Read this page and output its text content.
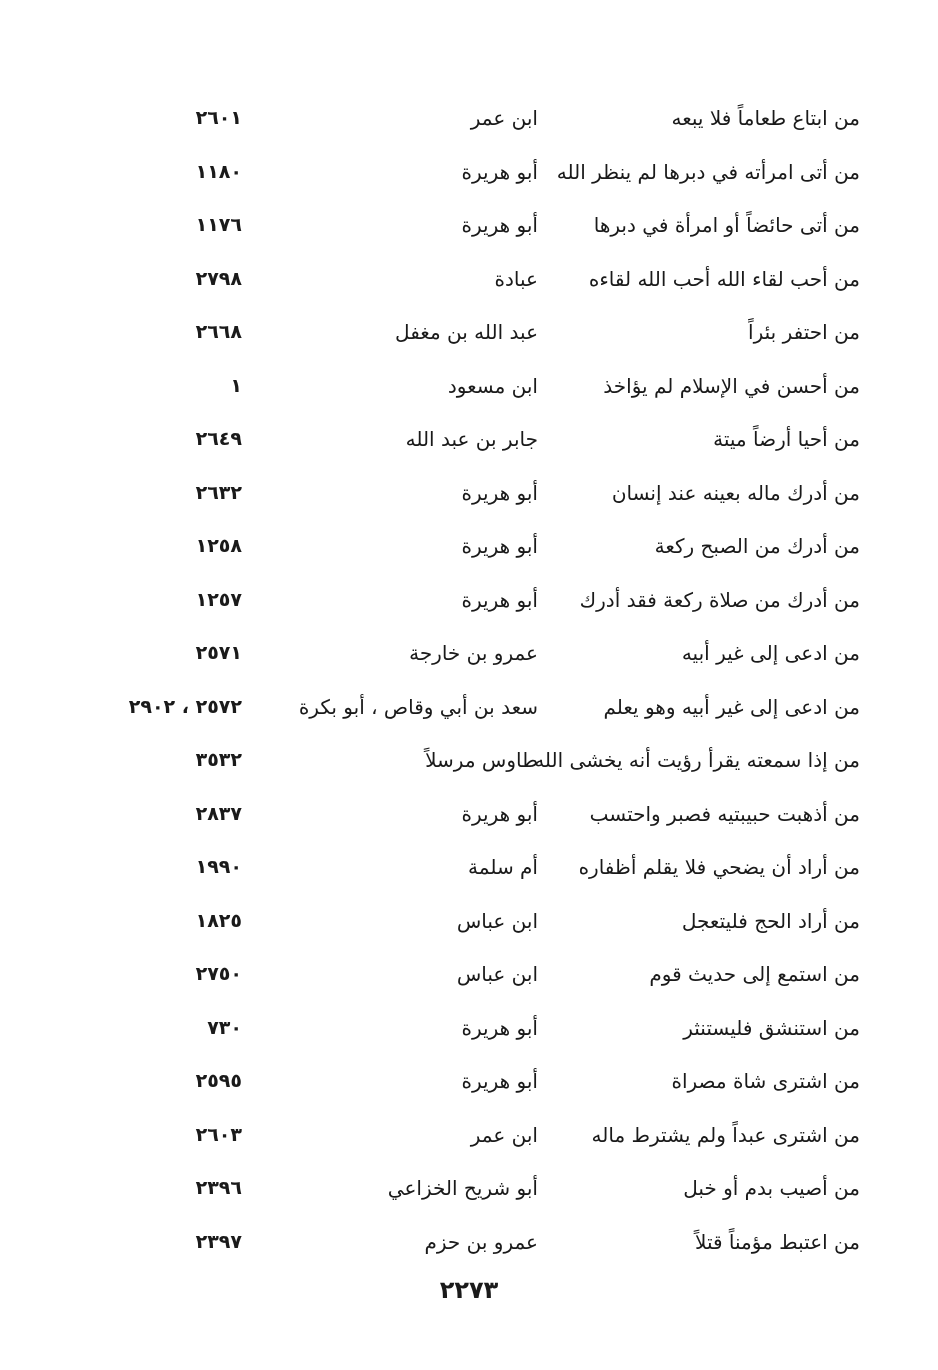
من ابتاع طعاماً فلا يبعه
ابن عمر
٢٦٠١
من أتى امرأته في دبرها لم ينظر الله
أبو هريرة
١١٨٠
من أتى حائضاً أو امرأة في دبرها
أبو هريرة
١١٧٦
من أحب لقاء الله أحب الله لقاءه
عبادة
٢٧٩٨
من احتفر بئراً
عبد الله بن مغفل
٢٦٦٨
من أحسن في الإسلام لم يؤاخذ
ابن مسعود
١
من أحيا أرضاً ميتة
جابر بن عبد الله
٢٦٤٩
من أدرك ماله بعينه عند إنسان
أبو هريرة
٢٦٣٢
من أدرك من الصبح ركعة
أبو هريرة
١٢٥٨
من أدرك من صلاة ركعة فقد أدرك
أبو هريرة
١٢٥٧
من ادعى إلى غير أبيه
عمرو بن خارجة
٢٥٧١
من ادعى إلى غير أبيه وهو يعلم
سعد بن أبي وقاص ، أبو بكرة
٢٥٧٢ ، ٢٩٠٢
من إذا سمعته يقرأ رؤيت أنه يخشى الله
طاوس مرسلاً
٣٥٣٢
من أذهبت حبيبتيه فصبر واحتسب
أبو هريرة
٢٨٣٧
من أراد أن يضحي فلا يقلم أظفاره
أم سلمة
١٩٩٠
من أراد الحج فليتعجل
ابن عباس
١٨٢٥
من استمع إلى حديث قوم
ابن عباس
٢٧٥٠
من استنشق فليستنثر
أبو هريرة
٧٣٠
من اشترى شاة مصراة
أبو هريرة
٢٥٩٥
من اشترى عبداً ولم يشترط ماله
ابن عمر
٢٦٠٣
من أصيب بدم أو خبل
أبو شريح الخزاعي
٢٣٩٦
من اعتبط مؤمناً قتلاً
عمرو بن حزم
٢٣٩٧
٢٢٧٣
